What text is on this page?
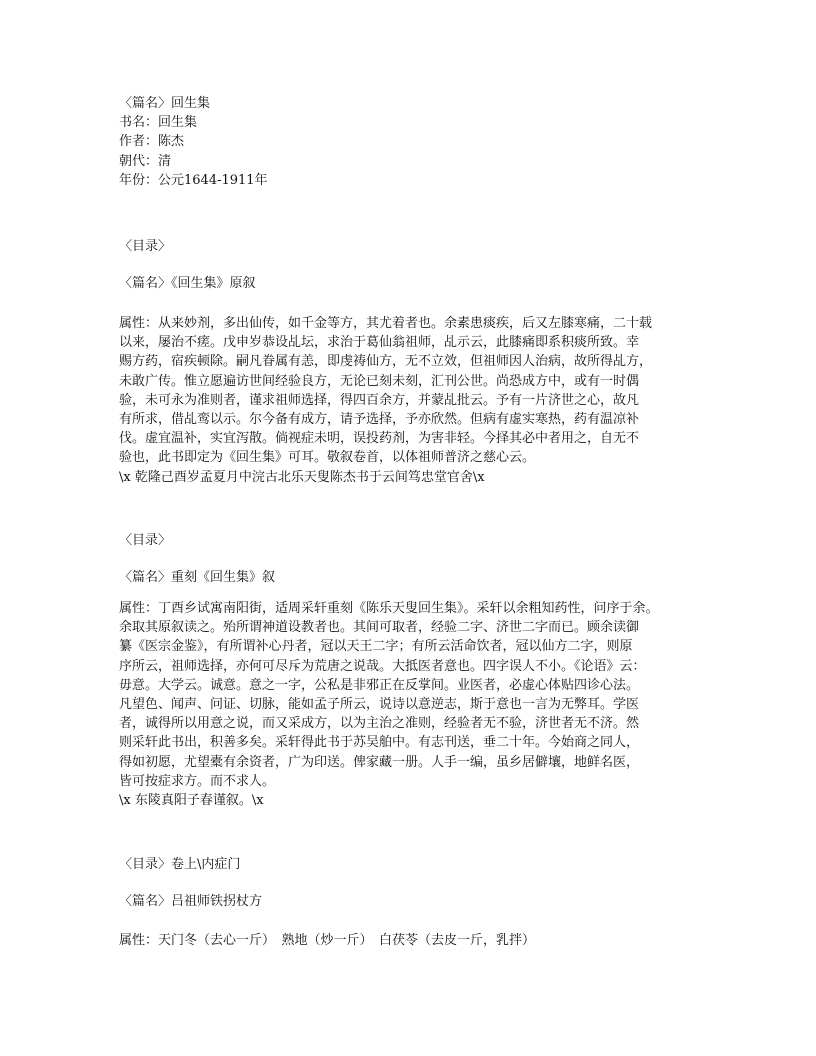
〈篇名〉回生集
书名：回生集
作者：陈杰
朝代：清
年份：公元1644-1911年
〈目录〉
〈篇名〉《回生集》原叙
属性：从来妙剂，多出仙传，如千金等方，其尤着者也。余素患痰疾，后又左膝寒痛，二十载
以来，屡治不瘥。戊申岁恭设乩坛，求治于葛仙翁祖师，乩示云，此膝痛即系积痰所致。幸
赐方药，宿疾顿除。嗣凡眷属有恙，即虔祷仙方，无不立效，但祖师因人治病，故所得乩方，
未敢广传。惟立愿遍访世间经验良方，无论已刻未刻，汇刊公世。尚恐成方中，或有一时偶
验，未可永为准则者，谨求祖师选择，得四百余方，并蒙乩批云。予有一片济世之心，故凡
有所求，借乩鸾以示。尔今备有成方，请予选择，予亦欣然。但病有虚实寒热，药有温凉补
伐。虚宜温补，实宜泻散。倘视症未明，误投药剂，为害非轻。今择其必中者用之，自无不
验也，此书即定为《回生集》可耳。敬叙卷首，以体祖师普济之慈心云。
\x 乾隆己酉岁孟夏月中浣古北乐天叟陈杰书于云间笃忠堂官舍\x
〈目录〉
〈篇名〉重刻《回生集》叙
属性：丁酉乡试寓南阳街，适周采轩重刻《陈乐天叟回生集》。采轩以余粗知药性，问序于余。
余取其原叙读之。殆所谓神道设教者也。其间可取者，经验二字、济世二字而已。顾余读御
纂《医宗金鉴》，有所谓补心丹者，冠以天王二字；有所云活命饮者，冠以仙方二字，则原
序所云，祖师选择，亦何可尽斥为荒唐之说哉。大抵医者意也。四字误人不小。《论语》云：
毋意。大学云。诚意。意之一字，公私是非邪正在反掌间。业医者，必虚心体贴四诊心法。
凡望色、闻声、问证、切脉，能如孟子所云，说诗以意逆志，斯于意也一言为无弊耳。学医
者，诚得所以用意之说，而又采成方，以为主治之准则，经验者无不验，济世者无不济。然
则采轩此书出，积善多矣。采轩得此书于苏吴舶中。有志刊送，垂二十年。今始商之同人，
得如初愿，尤望橐有余资者，广为印送。俾家藏一册。人手一编，虽乡居僻壤，地鲜名医，
皆可按症求方。而不求人。
\x 东陵真阳子春谨叙。\x
〈目录〉卷上\内症门
〈篇名〉吕祖师铁拐杖方
属性：天门冬（去心一斤）　熟地（炒一斤）　白茯苓（去皮一斤，乳拌）
